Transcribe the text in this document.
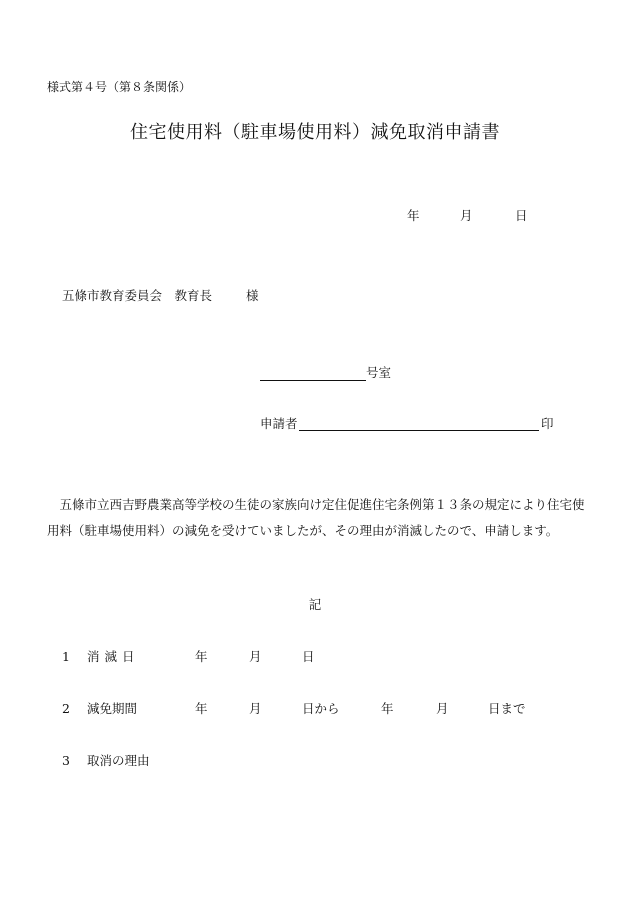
様式第４号（第８条関係）
住宅使用料（駐車場使用料）減免取消申請書
年	月	日
五條市教育委員会　教育長	様
号室
申請者	印

五條市立西吉野農業高等学校の生徒の家族向け定住促進住宅条例第１３条の規定により住宅使用料（駐車場使用料）の減免を受けていましたが、その理由が消滅したので、申請します。

記
1 消滅日	年	月	日
2 減免期間	年	月	日から	年	月	日まで
3 取消の理由
